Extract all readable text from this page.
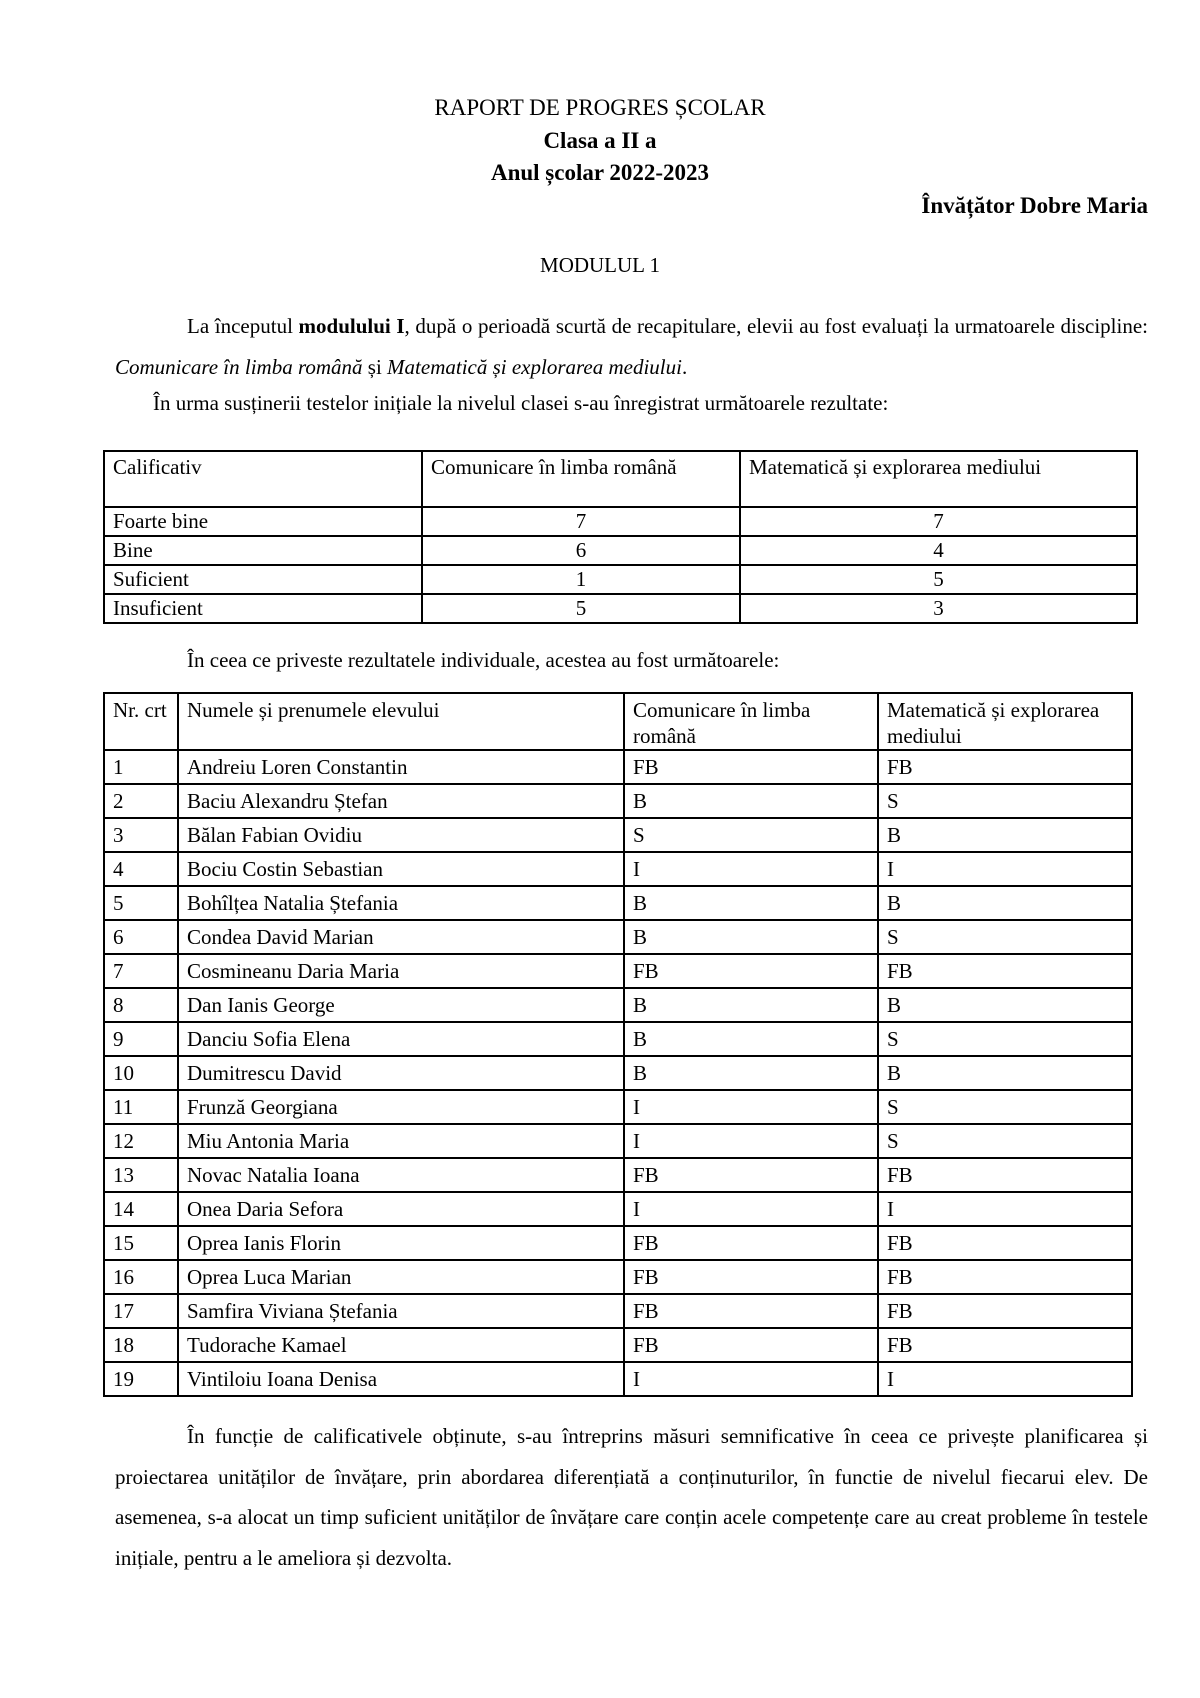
RAPORT DE PROGRES ȘCOLAR
Clasa a II a
Anul școlar 2022-2023
Învățător Dobre Maria
MODULUL 1
La începutul modulului I, după o perioadă scurtă de recapitulare, elevii au fost evaluați la urmatoarele discipline: Comunicare în limba română și Matematică și explorarea mediului.
În urma susținerii testelor inițiale la nivelul clasei s-au înregistrat următoarele rezultate:
Calificativ	Comunicare în limba română	Matematică și explorarea mediului
Foarte bine	7	7
Bine	6	4
Suficient	1	5
Insuficient	5	3
În ceea ce priveste rezultatele individuale, acestea au fost următoarele:
Nr. crt	Numele și prenumele elevului	Comunicare în limba română	Matematică și explorarea mediului
1	Andreiu Loren Constantin	FB	FB
2	Baciu Alexandru Ștefan	B	S
3	Bălan Fabian Ovidiu	S	B
4	Bociu Costin Sebastian	I	I
5	Bohîlțea Natalia Ștefania	B	B
6	Condea David Marian	B	S
7	Cosmineanu Daria Maria	FB	FB
8	Dan Ianis George	B	B
9	Danciu Sofia Elena	B	S
10	Dumitrescu David	B	B
11	Frunză Georgiana	I	S
12	Miu Antonia Maria	I	S
13	Novac Natalia Ioana	FB	FB
14	Onea Daria Sefora	I	I
15	Oprea Ianis Florin	FB	FB
16	Oprea Luca Marian	FB	FB
17	Samfira Viviana Ștefania	FB	FB
18	Tudorache Kamael	FB	FB
19	Vintiloiu Ioana Denisa	I	I
În funcție de calificativele obținute, s-au întreprins măsuri semnificative în ceea ce privește planificarea și proiectarea unităților de învățare, prin abordarea diferențiată a conținuturilor, în functie de nivelul fiecarui elev. De asemenea, s-a alocat un timp suficient unităților de învățare care conțin acele competențe care au creat probleme în testele inițiale, pentru a le ameliora și dezvolta.
